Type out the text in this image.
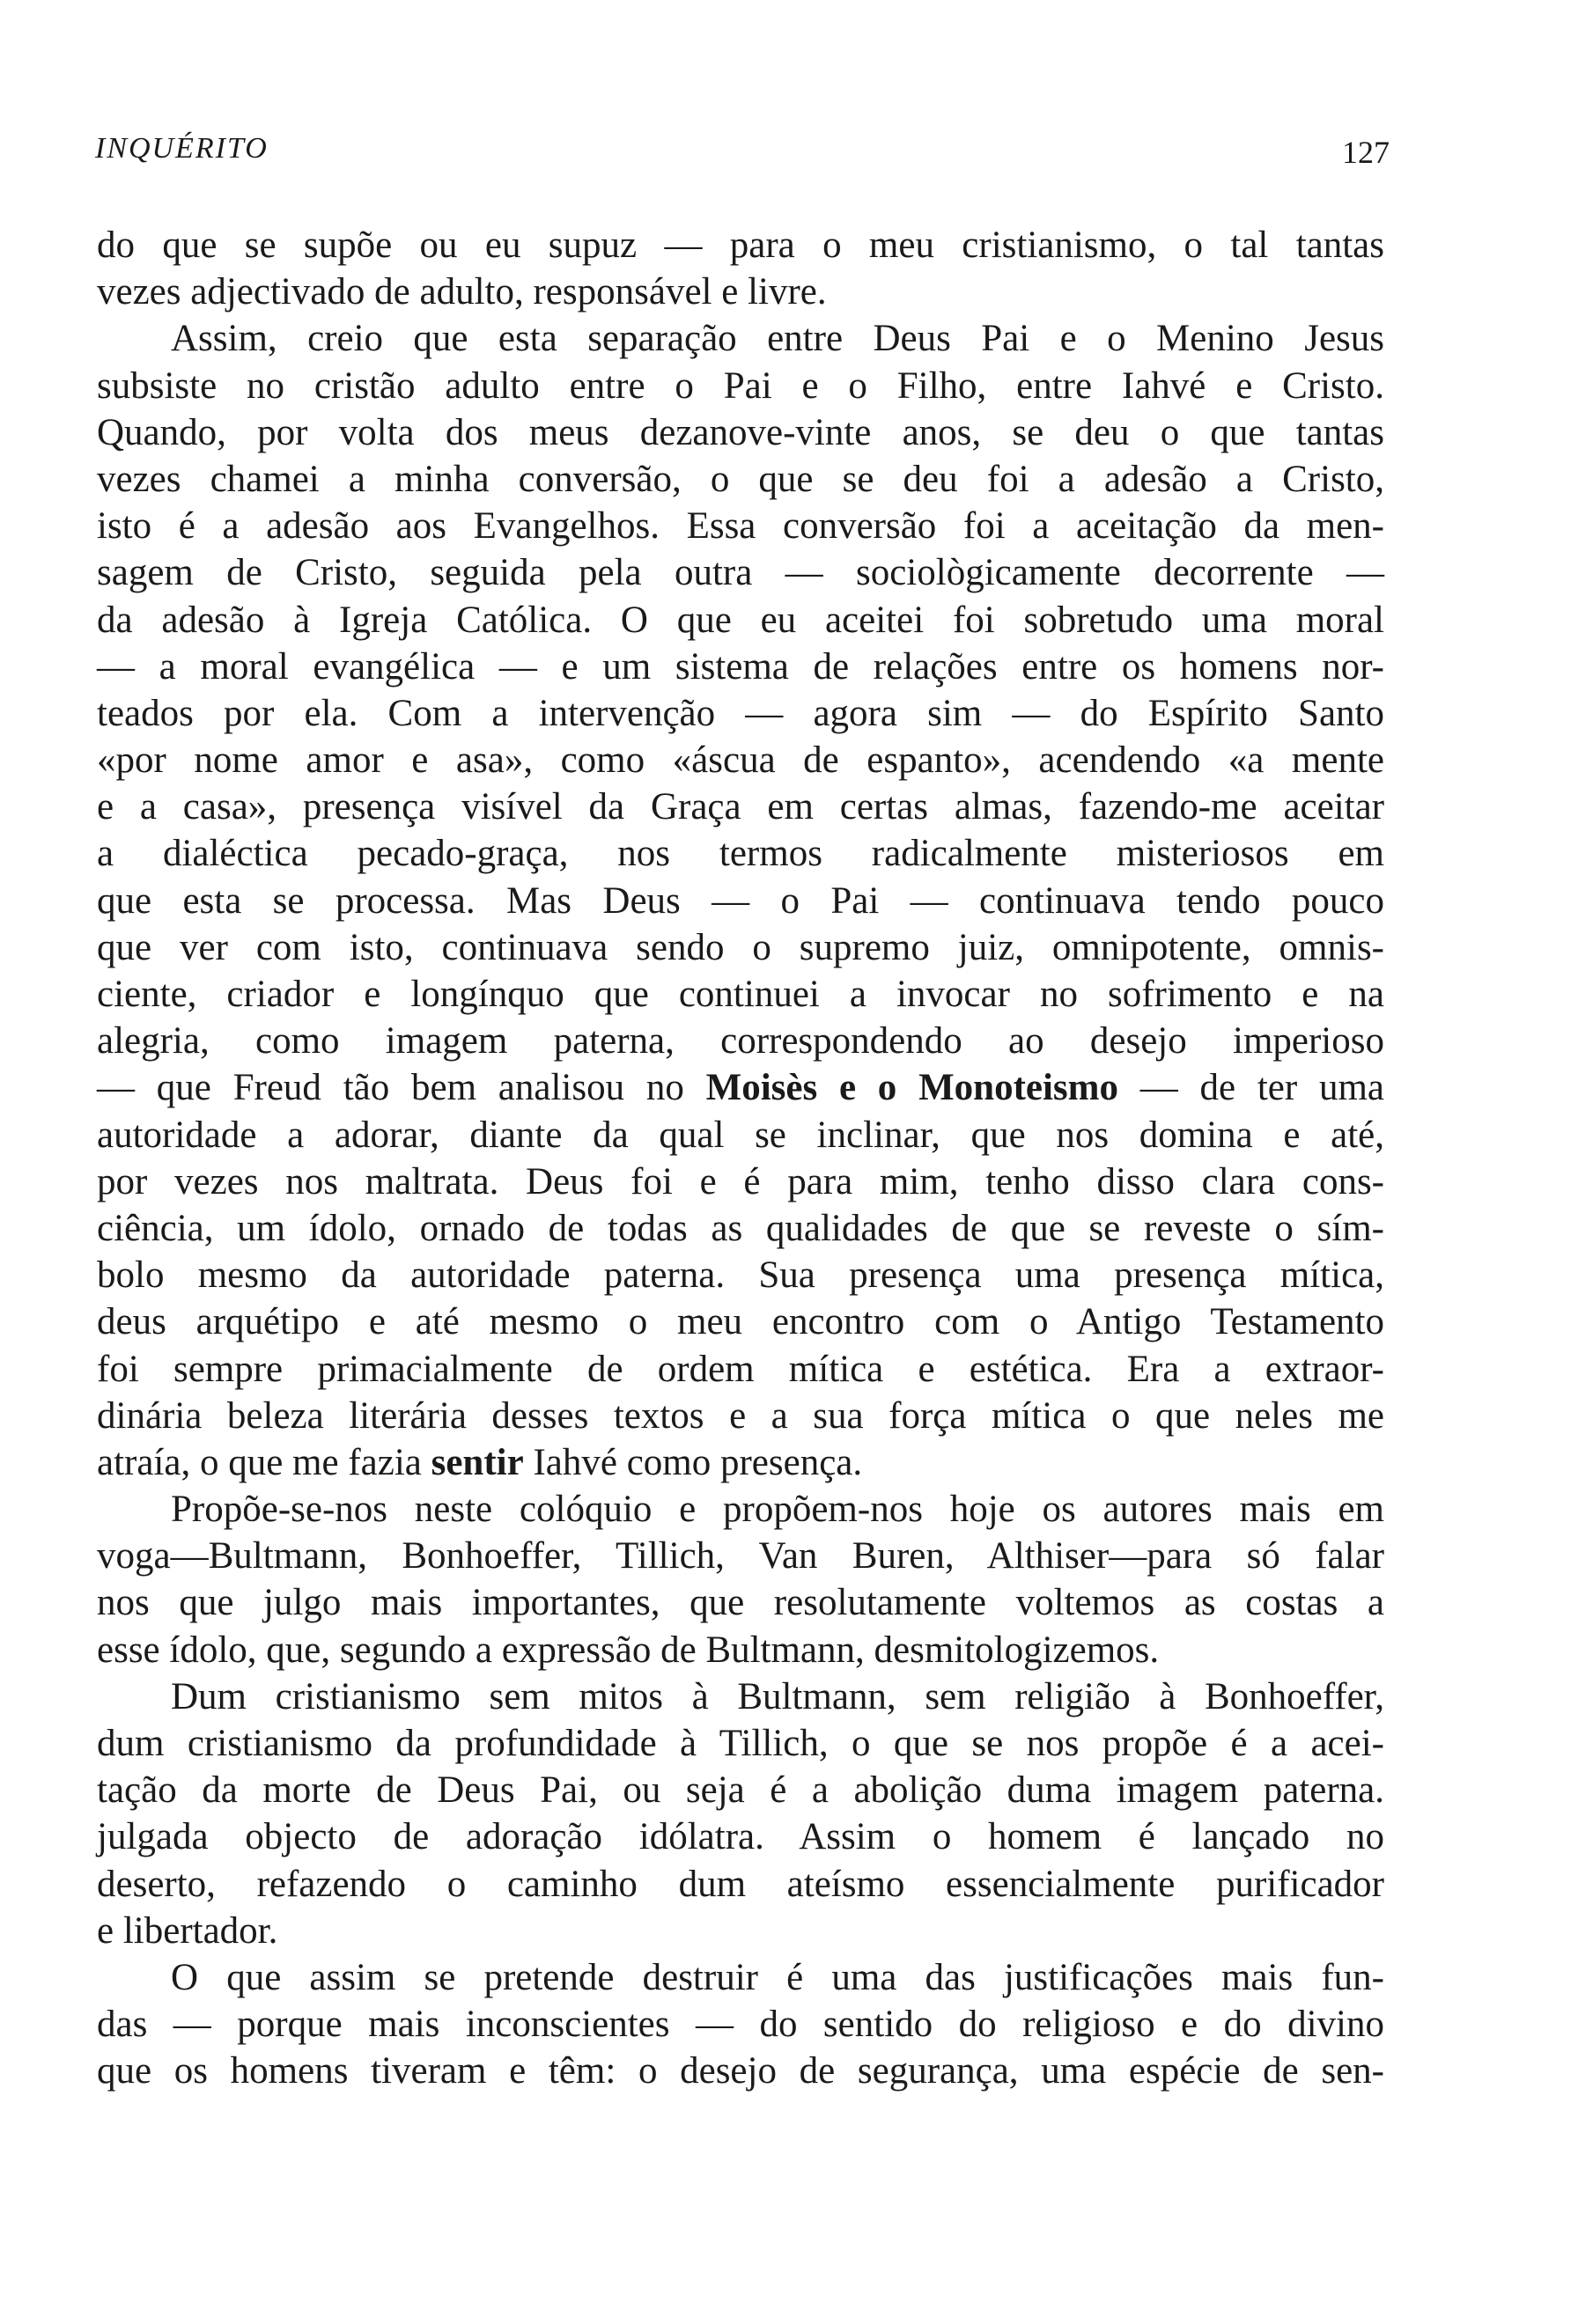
INQUÉRITO	127
do que se supõe ou eu supuz — para o meu cristianismo, o tal tantas
vezes adjectivado de adulto, responsável e livre.
Assim, creio que esta separação entre Deus Pai e o Menino Jesus
subsiste no cristão adulto entre o Pai e o Filho, entre Iahvé e Cristo.
Quando, por volta dos meus dezanove-vinte anos, se deu o que tantas
vezes chamei a minha conversão, o que se deu foi a adesão a Cristo,
isto é a adesão aos Evangelhos. Essa conversão foi a aceitação da men-
sagem de Cristo, seguida pela outra — sociològicamente decorrente —
da adesão à Igreja Católica. O que eu aceitei foi sobretudo uma moral
— a moral evangélica — e um sistema de relações entre os homens nor-
teados por ela. Com a intervenção — agora sim — do Espírito Santo
«por nome amor e asa», como «áscua de espanto», acendendo «a mente
e a casa», presença visível da Graça em certas almas, fazendo-me aceitar
a dialéctica pecado-graça, nos termos radicalmente misteriosos em
que esta se processa. Mas Deus — o Pai — continuava tendo pouco
que ver com isto, continuava sendo o supremo juiz, omnipotente, omnis-
ciente, criador e longínquo que continuei a invocar no sofrimento e na
alegria, como imagem paterna, correspondendo ao desejo imperioso
— que Freud tão bem analisou no Moisès e o Monoteismo — de ter uma
autoridade a adorar, diante da qual se inclinar, que nos domina e até,
por vezes nos maltrata. Deus foi e é para mim, tenho disso clara cons-
ciência, um ídolo, ornado de todas as qualidades de que se reveste o sím-
bolo mesmo da autoridade paterna. Sua presença uma presença mítica,
deus arquétipo e até mesmo o meu encontro com o Antigo Testamento
foi sempre primacialmente de ordem mítica e estética. Era a extraor-
dinária beleza literária desses textos e a sua força mítica o que neles me
atraía, o que me fazia sentir Iahvé como presença.
Propõe-se-nos neste colóquio e propõem-nos hoje os autores mais em
voga—Bultmann, Bonhoeffer, Tillich, Van Buren, Althiser—para só falar
nos que julgo mais importantes, que resolutamente voltemos as costas a
esse ídolo, que, segundo a expressão de Bultmann, desmitologizemos.
Dum cristianismo sem mitos à Bultmann, sem religião à Bonhoeffer,
dum cristianismo da profundidade à Tillich, o que se nos propõe é a acei-
tação da morte de Deus Pai, ou seja é a abolição duma imagem paterna.
julgada objecto de adoração idólatra. Assim o homem é lançado no
deserto, refazendo o caminho dum ateísmo essencialmente purificador
e libertador.
O que assim se pretende destruir é uma das justificações mais fun-
das — porque mais inconscientes — do sentido do religioso e do divino
que os homens tiveram e têm: o desejo de segurança, uma espécie de sen-
